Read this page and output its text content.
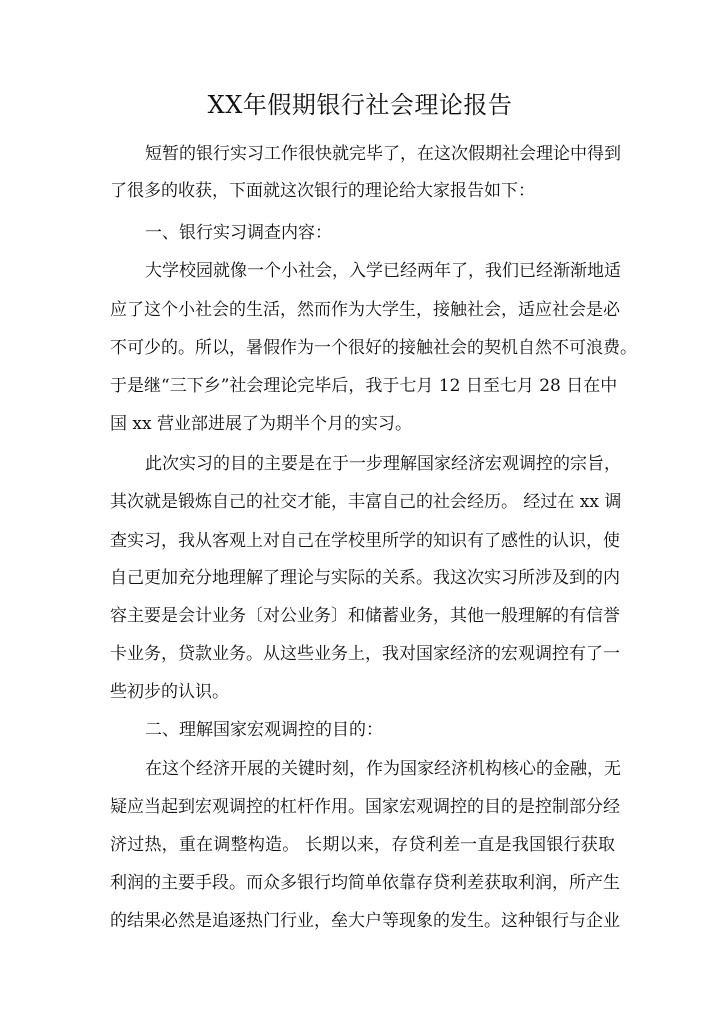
XX年假期银行社会理论报告
短暂的银行实习工作很快就完毕了，在这次假期社会理论中得到
了很多的收获，下面就这次银行的理论给大家报告如下：
一、银行实习调查内容：
大学校园就像一个小社会，入学已经两年了，我们已经渐渐地适
应了这个小社会的生活，然而作为大学生，接触社会，适应社会是必
不可少的。所以，暑假作为一个很好的接触社会的契机自然不可浪费。
于是继“三下乡”社会理论完毕后，我于七月 12 日至七月 28 日在中
国 xx 营业部进展了为期半个月的实习。
此次实习的目的主要是在于一步理解国家经济宏观调控的宗旨，
其次就是锻炼自己的社交才能，丰富自己的社会经历。 经过在 xx 调
查实习，我从客观上对自己在学校里所学的知识有了感性的认识，使
自己更加充分地理解了理论与实际的关系。我这次实习所涉及到的内
容主要是会计业务〔对公业务〕和储蓄业务，其他一般理解的有信誉
卡业务，贷款业务。从这些业务上，我对国家经济的宏观调控有了一
些初步的认识。
二、理解国家宏观调控的目的：
在这个经济开展的关键时刻，作为国家经济机构核心的金融，无
疑应当起到宏观调控的杠杆作用。国家宏观调控的目的是控制部分经
济过热，重在调整构造。 长期以来，存贷利差一直是我国银行获取
利润的主要手段。而众多银行均简单依靠存贷利差获取利润，所产生
的结果必然是追逐热门行业，垒大户等现象的发生。这种银行与企业
